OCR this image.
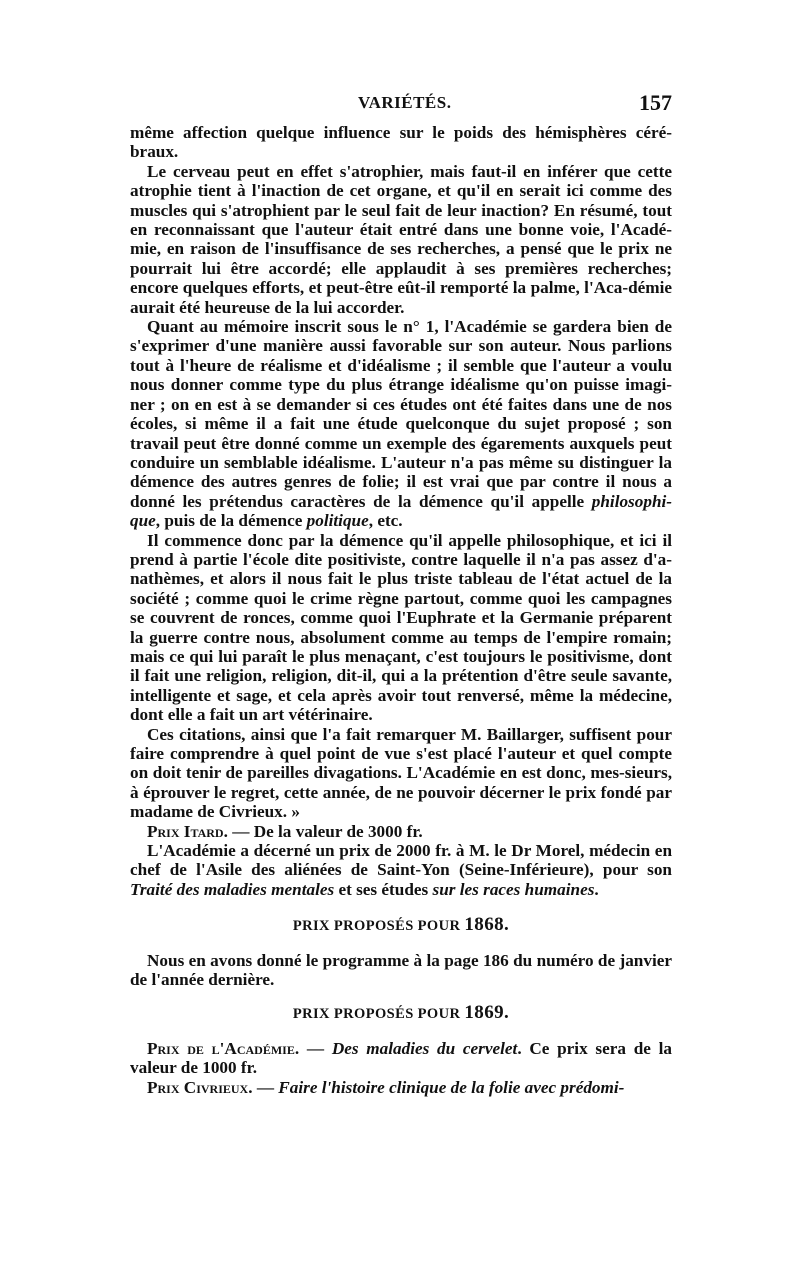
VARIÉTÉS.	157

même affection quelque influence sur le poids des hémisphères céré-braux.

Le cerveau peut en effet s'atrophier, mais faut-il en inférer que cette atrophie tient à l'inaction de cet organe, et qu'il en serait ici comme des muscles qui s'atrophient par le seul fait de leur inaction? En résumé, tout en reconnaissant que l'auteur était entré dans une bonne voie, l'Acadé-mie, en raison de l'insuffisance de ses recherches, a pensé que le prix ne pourrait lui être accordé; elle applaudit à ses premières recherches; encore quelques efforts, et peut-être eût-il remporté la palme, l'Aca-démie aurait été heureuse de la lui accorder.

Quant au mémoire inscrit sous le n° 1, l'Académie se gardera bien de s'exprimer d'une manière aussi favorable sur son auteur. Nous parlions tout à l'heure de réalisme et d'idéalisme ; il semble que l'auteur a voulu nous donner comme type du plus étrange idéalisme qu'on puisse imagi-ner ; on en est à se demander si ces études ont été faites dans une de nos écoles, si même il a fait une étude quelconque du sujet proposé ; son travail peut être donné comme un exemple des égarements auxquels peut conduire un semblable idéalisme. L'auteur n'a pas même su distinguer la démence des autres genres de folie; il est vrai que par contre il nous a donné les prétendus caractères de la démence qu'il appelle philosophi-que, puis de la démence politique, etc.

Il commence donc par la démence qu'il appelle philosophique, et ici il prend à partie l'école dite positiviste, contre laquelle il n'a pas assez d'a-nathèmes, et alors il nous fait le plus triste tableau de l'état actuel de la société ; comme quoi le crime règne partout, comme quoi les campagnes se couvrent de ronces, comme quoi l'Euphrate et la Germanie préparent la guerre contre nous, absolument comme au temps de l'empire romain; mais ce qui lui paraît le plus menaçant, c'est toujours le positivisme, dont il fait une religion, religion, dit-il, qui a la prétention d'être seule savante, intelligente et sage, et cela après avoir tout renversé, même la médecine, dont elle a fait un art vétérinaire.

Ces citations, ainsi que l'a fait remarquer M. Baillarger, suffisent pour faire comprendre à quel point de vue s'est placé l'auteur et quel compte on doit tenir de pareilles divagations. L'Académie en est donc, mes-sieurs, à éprouver le regret, cette année, de ne pouvoir décerner le prix fondé par madame de Civrieux. »

Prix Itard. — De la valeur de 3000 fr.

L'Académie a décerné un prix de 2000 fr. à M. le Dr Morel, médecin en chef de l'Asile des aliénées de Saint-Yon (Seine-Inférieure), pour son Traité des maladies mentales et ses études sur les races humaines.

PRIX PROPOSÉS POUR 1868.

Nous en avons donné le programme à la page 186 du numéro de janvier de l'année dernière.

PRIX PROPOSÉS POUR 1869.

Prix de l'Académie. — Des maladies du cervelet. Ce prix sera de la valeur de 1000 fr.

Prix Civrieux. — Faire l'histoire clinique de la folie avec prédomi-
